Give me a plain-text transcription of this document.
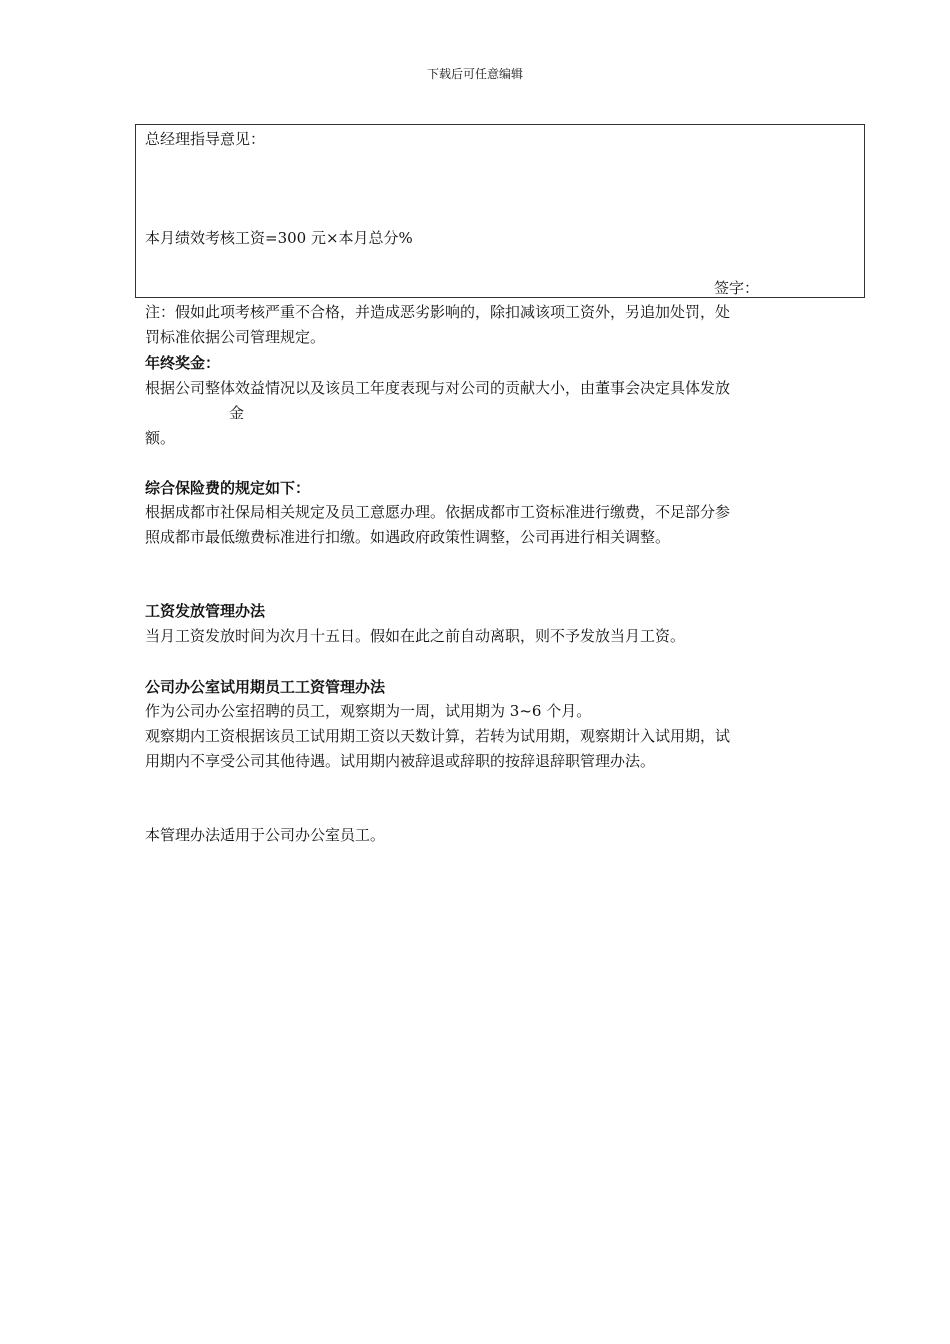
下载后可任意编辑
总经理指导意见：
本月绩效考核工资=300 元×本月总分%
签字：
注：假如此项考核严重不合格，并造成恶劣影响的，除扣减该项工资外，另追加处罚，处
罚标准依据公司管理规定。
年终奖金：
根据公司整体效益情况以及该员工年度表现与对公司的贡献大小，由董事会决定具体发放
金
额。
综合保险费的规定如下：
根据成都市社保局相关规定及员工意愿办理。依据成都市工资标准进行缴费，不足部分参
照成都市最低缴费标准进行扣缴。如遇政府政策性调整，公司再进行相关调整。
工资发放管理办法
当月工资发放时间为次月十五日。假如在此之前自动离职，则不予发放当月工资。
公司办公室试用期员工工资管理办法
作为公司办公室招聘的员工，观察期为一周，试用期为 3~6 个月。
观察期内工资根据该员工试用期工资以天数计算，若转为试用期，观察期计入试用期，试
用期内不享受公司其他待遇。试用期内被辞退或辞职的按辞退辞职管理办法。
本管理办法适用于公司办公室员工。
